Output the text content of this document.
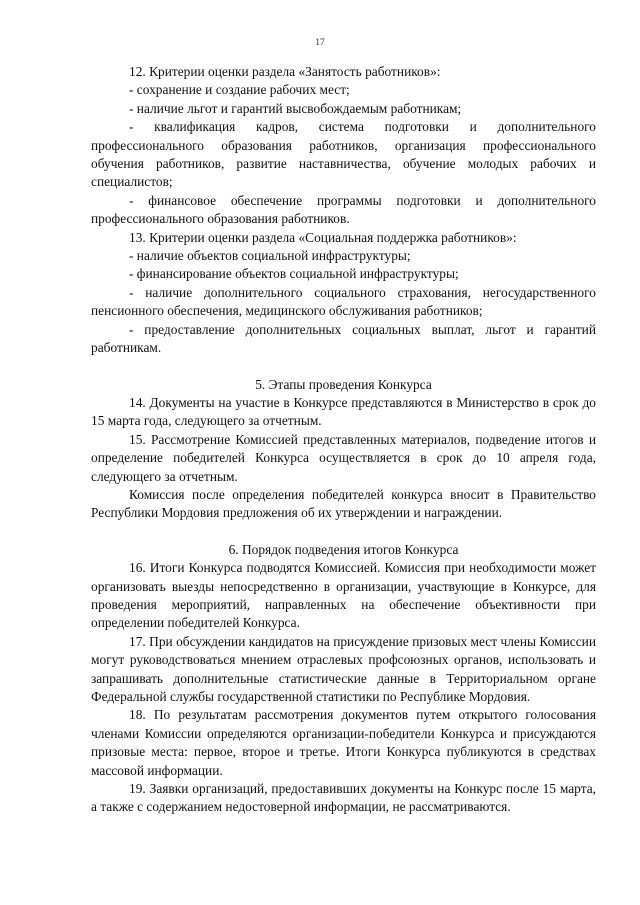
17

12. Критерии оценки раздела «Занятость работников»:

- сохранение и создание рабочих мест;

- наличие льгот и гарантий высвобождаемым работникам;

- квалификация кадров, система подготовки и дополнительного профессионального образования работников, организация профессионального обучения работников, развитие наставничества, обучение молодых рабочих и специалистов;

- финансовое обеспечение программы подготовки и дополнительного профессионального образования работников.

13. Критерии оценки раздела «Социальная поддержка работников»:

- наличие объектов социальной инфраструктуры;

- финансирование объектов социальной инфраструктуры;

- наличие дополнительного социального страхования, негосударственного пенсионного обеспечения, медицинского обслуживания работников;

- предоставление дополнительных социальных выплат, льгот и гарантий работникам.

5. Этапы проведения Конкурса

14. Документы на участие в Конкурсе представляются в Министерство в срок до 15 марта года, следующего за отчетным.

15. Рассмотрение Комиссией представленных материалов, подведение итогов и определение победителей Конкурса осуществляется в срок до 10 апреля года, следующего за отчетным.

Комиссия после определения победителей конкурса вносит в Правительство Республики Мордовия предложения об их утверждении и награждении.

6. Порядок подведения итогов Конкурса

16. Итоги Конкурса подводятся Комиссией. Комиссия при необходимости может организовать выезды непосредственно в организации, участвующие в Конкурсе, для проведения мероприятий, направленных на обеспечение объективности при определении победителей Конкурса.

17. При обсуждении кандидатов на присуждение призовых мест члены Комиссии могут руководствоваться мнением отраслевых профсоюзных органов, использовать и запрашивать дополнительные статистические данные в Территориальном органе Федеральной службы государственной статистики по Республике Мордовия.

18. По результатам рассмотрения документов путем открытого голосования членами Комиссии определяются организации-победители Конкурса и присуждаются призовые места: первое, второе и третье. Итоги Конкурса публикуются в средствах массовой информации.

19. Заявки организаций, предоставивших документы на Конкурс после 15 марта, а также с содержанием недостоверной информации, не рассматриваются.
